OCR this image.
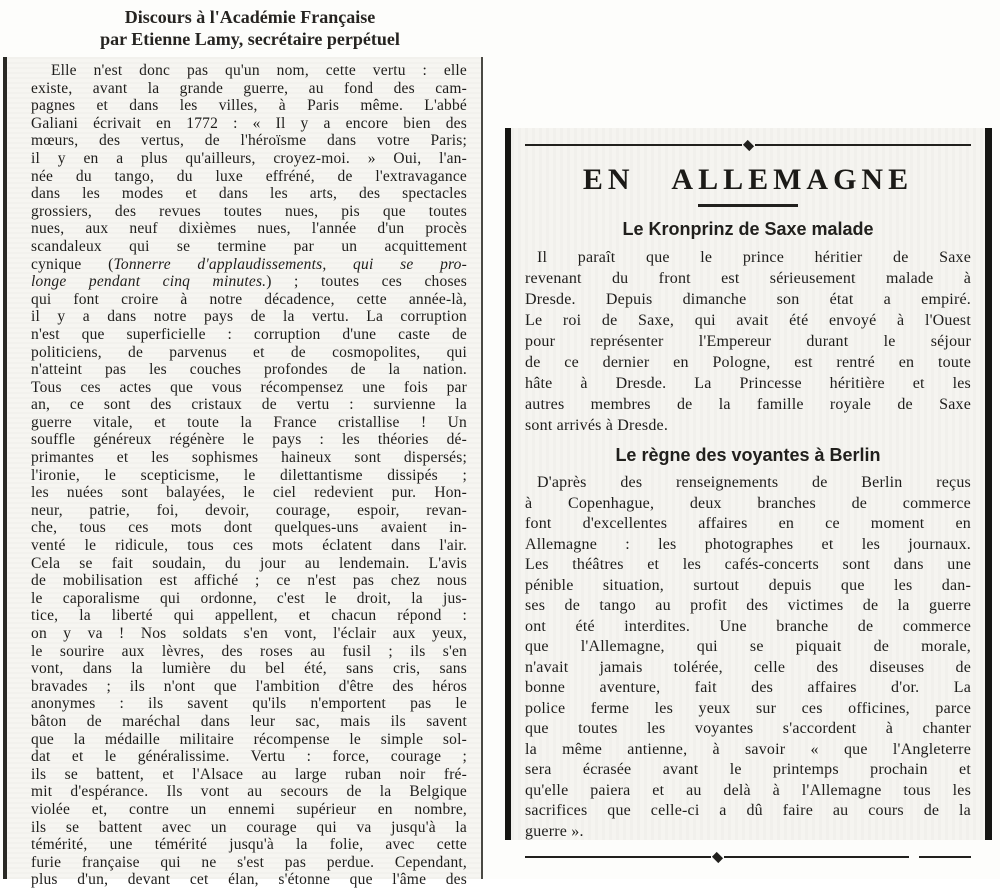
Discours à l'Académie Française
par Etienne Lamy, secrétaire perpétuel
Elle n'est donc pas qu'un nom, cette vertu : elle
existe, avant la grande guerre, au fond des cam-
pagnes et dans les villes, à Paris même. L'abbé
Galiani écrivait en 1772 : « Il y a encore bien des
mœurs, des vertus, de l'héroïsme dans votre Paris;
il y en a plus qu'ailleurs, croyez-moi. » Oui, l'an-
née du tango, du luxe effréné, de l'extravagance
dans les modes et dans les arts, des spectacles
grossiers, des revues toutes nues, pis que toutes
nues, aux neuf dixièmes nues, l'année d'un procès
scandaleux qui se termine par un acquittement
cynique (Tonnerre d'applaudissements, qui se pro-
longe pendant cinq minutes.) ; toutes ces choses
qui font croire à notre décadence, cette année-là,
il y a dans notre pays de la vertu. La corruption
n'est que superficielle : corruption d'une caste de
politiciens, de parvenus et de cosmopolites, qui
n'atteint pas les couches profondes de la nation.
Tous ces actes que vous récompensez une fois par
an, ce sont des cristaux de vertu : survienne la
guerre vitale, et toute la France cristallise ! Un
souffle généreux régénère le pays : les théories dé-
primantes et les sophismes haineux sont dispersés;
l'ironie, le scepticisme, le dilettantisme dissipés ;
les nuées sont balayées, le ciel redevient pur. Hon-
neur, patrie, foi, devoir, courage, espoir, revan-
che, tous ces mots dont quelques-uns avaient in-
venté le ridicule, tous ces mots éclatent dans l'air.
Cela se fait soudain, du jour au lendemain. L'avis
de mobilisation est affiché ; ce n'est pas chez nous
le caporalisme qui ordonne, c'est le droit, la jus-
tice, la liberté qui appellent, et chacun répond :
on y va ! Nos soldats s'en vont, l'éclair aux yeux,
le sourire aux lèvres, des roses au fusil ; ils s'en
vont, dans la lumière du bel été, sans cris, sans
bravades ; ils n'ont que l'ambition d'être des héros
anonymes : ils savent qu'ils n'emportent pas le
bâton de maréchal dans leur sac, mais ils savent
que la médaille militaire récompense le simple sol-
dat et le généralissime. Vertu : force, courage ;
ils se battent, et l'Alsace au large ruban noir fré-
mit d'espérance. Ils vont au secours de la Belgique
violée et, contre un ennemi supérieur en nombre,
ils se battent avec un courage qui va jusqu'à la
témérité, une témérité jusqu'à la folie, avec cette
furie française qui ne s'est pas perdue. Cependant,
plus d'un, devant cet élan, s'étonne que l'âme des
EN ALLEMAGNE
Le Kronprinz de Saxe malade
Il paraît que le prince héritier de Saxe
revenant du front est sérieusement malade à
Dresde. Depuis dimanche son état a empiré.
Le roi de Saxe, qui avait été envoyé à l'Ouest
pour représenter l'Empereur durant le séjour
de ce dernier en Pologne, est rentré en toute
hâte à Dresde. La Princesse héritière et les
autres membres de la famille royale de Saxe
sont arrivés à Dresde.
Le règne des voyantes à Berlin
D'après des renseignements de Berlin reçus
à Copenhague, deux branches de commerce
font d'excellentes affaires en ce moment en
Allemagne : les photographes et les journaux.
Les théâtres et les cafés-concerts sont dans une
pénible situation, surtout depuis que les dan-
ses de tango au profit des victimes de la guerre
ont été interdites. Une branche de commerce
que l'Allemagne, qui se piquait de morale,
n'avait jamais tolérée, celle des diseuses de
bonne aventure, fait des affaires d'or. La
police ferme les yeux sur ces officines, parce
que toutes les voyantes s'accordent à chanter
la même antienne, à savoir « que l'Angleterre
sera écrasée avant le printemps prochain et
qu'elle paiera et au delà à l'Allemagne tous les
sacrifices que celle-ci a dû faire au cours de la
guerre ».
